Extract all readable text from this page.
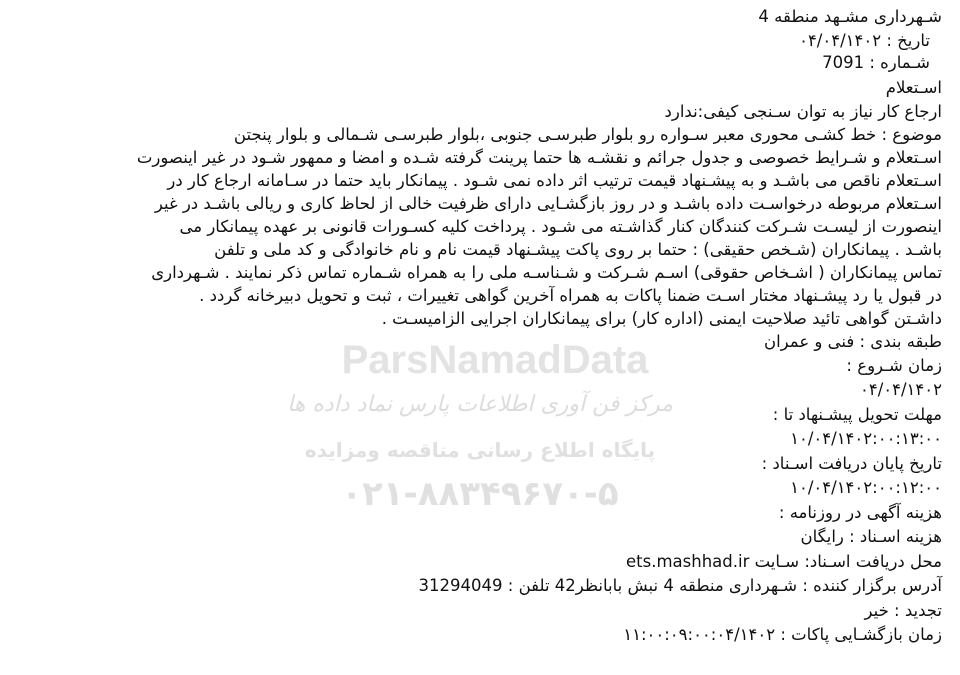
ParsNamadData
مرکز فن آوری اطلاعات پارس نماد داده ها
پایگاه اطلاع رسانی مناقصه ومزایده
۰۲۱-۸۸۳۴۹۶۷۰-۵

شـهرداری مشـهد منطقه 4

تاریخ : ۰۴/۰۴/۱۴۰۲

شـماره : 7091

اسـتعلام

ارجاع کار نیاز به توان سـنجی کیفی:ندارد

موضوع : خط کشـی محوری معبر سـواره رو بلوار طبرسـی جنوبی ،بلوار طبرسـی شـمالی و بلوار پنجتن

اسـتعلام و شـرایط خصوصی و جدول جرائم و نقشـه ها حتما پرینت گرفته شـده و امضا و ممهور شـود در غیر اینصورت

اسـتعلام ناقص می باشـد و به پیشـنهاد قیمت ترتیب اثر داده نمی شـود . پیمانکار باید حتما در سـامانه ارجاع کار در

اسـتعلام مربوطه درخواسـت داده باشـد و در روز بازگشـایی دارای ظرفیت خالی از لحاظ کاری و ریالی باشـد در غیر

اینصورت از لیسـت شـرکت کنندگان کنار گذاشـته می شـود . پرداخت کلیه کسـورات قانونی بر عهده پیمانکار می

باشـد . پیمانکاران (شـخص حقیقی) : حتما بر روی پاکت پیشـنهاد قیمت نام و نام خانوادگی و کد ملی و تلفن

تماس پیمانکاران ( اشـخاص حقوقی) اسـم شـرکت و شـناسـه ملی را به همراه شـماره تماس ذکر نمایند . شـهرداری

در قبول یا رد پیشـنهاد مختار اسـت ضمنا پاکات به همراه آخرین گواهی تغییرات ، ثبت و تحویل دبیرخانه گردد .

داشـتن گواهی تائید صلاحیت ایمنی (اداره کار) برای پیمانکاران اجرایی الزامیسـت .

طبقه بندی : فنی و عمران

زمان شـروع :

۰۴/۰۴/۱۴۰۲

مهلت تحویل پیشـنهاد تا :

۱۰/۰۴/۱۴۰۲:۰۰:۱۳:۰۰

تاریخ پایان دریافت اسـناد :

۱۰/۰۴/۱۴۰۲:۰۰:۱۲:۰۰

هزینه آگهی در روزنامه :

هزینه اسـناد : رایگان

محل دریافت اسـناد: سـایت ets.mashhad.ir

آدرس برگزار کننده : شـهرداری منطقه 4 نبش بابانظر42 تلفن : 31294049

تجدید : خیر

زمان بازگشـایی پاکات : ۱۱:۰۰:۰۹:۰۰:۰۴/۱۴۰۲
